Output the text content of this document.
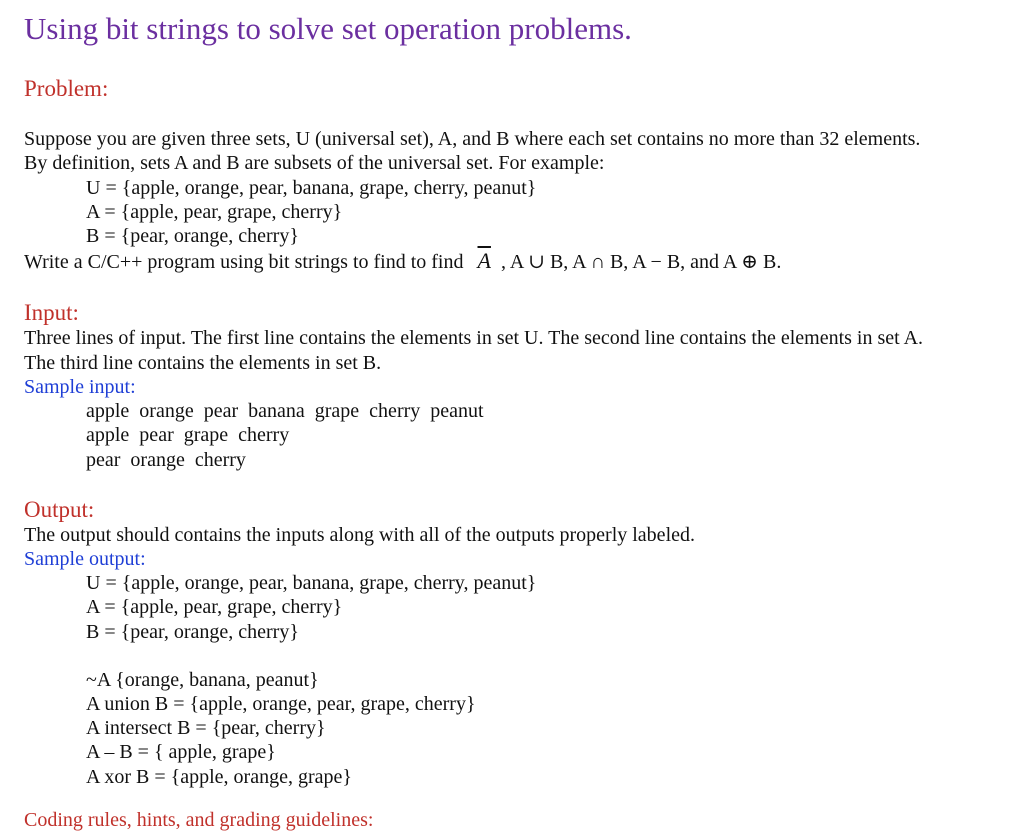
Using bit strings to solve set operation problems.
Problem:
Suppose you are given three sets, U (universal set), A, and B where each set contains no more than 32 elements.
By definition, sets A and B are subsets of the universal set. For example:
U = {apple, orange, pear, banana, grape, cherry, peanut}
A = {apple, pear, grape, cherry}
B = {pear, orange, cherry}
Write a C/C++ program using bit strings to find to find $\overline{A}$ , A ∪ B, A ∩ B, A − B, and A ⊕ B.
Input:
Three lines of input. The first line contains the elements in set U. The second line contains the elements in set A.
The third line contains the elements in set B.
Sample input:
apple  orange  pear  banana  grape  cherry  peanut
apple  pear  grape  cherry
pear  orange  cherry
Output:
The output should contains the inputs along with all of the outputs properly labeled.
Sample output:
U = {apple, orange, pear, banana, grape, cherry, peanut}
A = {apple, pear, grape, cherry}
B = {pear, orange, cherry}
~A {orange, banana, peanut}
A union B = {apple, orange, pear, grape, cherry}
A intersect B = {pear, cherry}
A – B = { apple, grape}
A xor B = {apple, orange, grape}
Coding rules, hints, and grading guidelines:
